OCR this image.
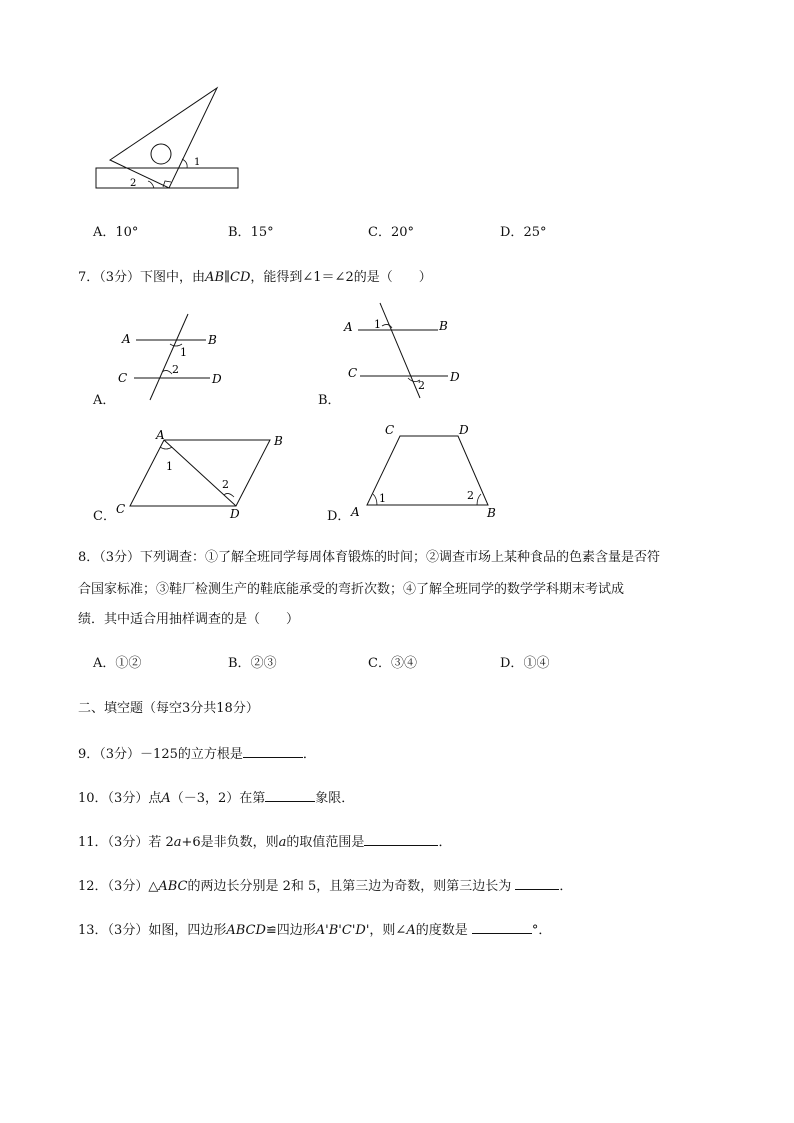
1
2
A．10°	B．15°	C．20°	D．25°
7．（3分）下图中，由AB∥CD，能得到∠1＝∠2的是（　　）
A．
A	B
C	D
1
2
B．
A	B
C	D
1
2
C．
A	B
C	D
1
2
D． A	B
C	D
1	2
8．（3分）下列调查：①了解全班同学每周体育锻炼的时间；②调查市场上某种食品的色素含量是否符
合国家标准；③鞋厂检测生产的鞋底能承受的弯折次数；④了解全班同学的数学学科期末考试成
绩．其中适合用抽样调查的是（　　）
A．①②	B．②③	C．③④	D．①④
二、填空题（每空3分共18分）
9．（3分）－125的立方根是	．
10．（3分）点A（－3，2）在第	象限．
11．（3分）若 2a+6是非负数，则a的取值范围是	．
12．（3分）△ABC的两边长分别是 2和 5，且第三边为奇数，则第三边长为	．
13．（3分）如图，四边形ABCD≌四边形A'B'C'D'，则∠A的度数是	°．
